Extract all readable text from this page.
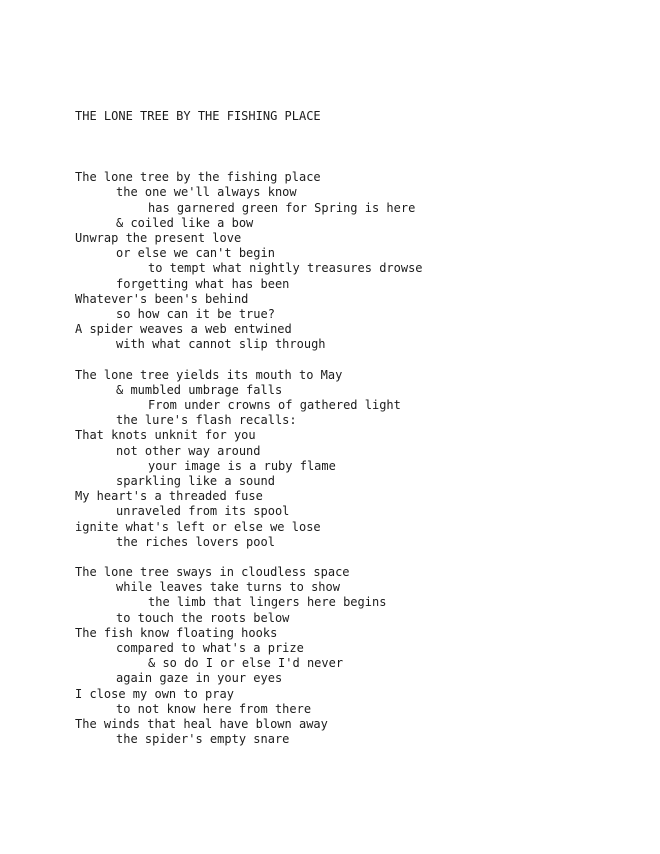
THE LONE TREE BY THE FISHING PLACE

The lone tree by the fishing place
the one we'll always know
has garnered green for Spring is here
& coiled like a bow
Unwrap the present love
or else we can't begin
to tempt what nightly treasures drowse
forgetting what has been
Whatever's been's behind
so how can it be true?
A spider weaves a web entwined
with what cannot slip through
The lone tree yields its mouth to May
& mumbled umbrage falls
From under crowns of gathered light
the lure's flash recalls:
That knots unknit for you
not other way around
your image is a ruby flame
sparkling like a sound
My heart's a threaded fuse
unraveled from its spool
ignite what's left or else we lose
the riches lovers pool
The lone tree sways in cloudless space
while leaves take turns to show
the limb that lingers here begins
to touch the roots below
The fish know floating hooks
compared to what's a prize
& so do I or else I'd never
again gaze in your eyes
I close my own to pray
to not know here from there
The winds that heal have blown away
the spider's empty snare
